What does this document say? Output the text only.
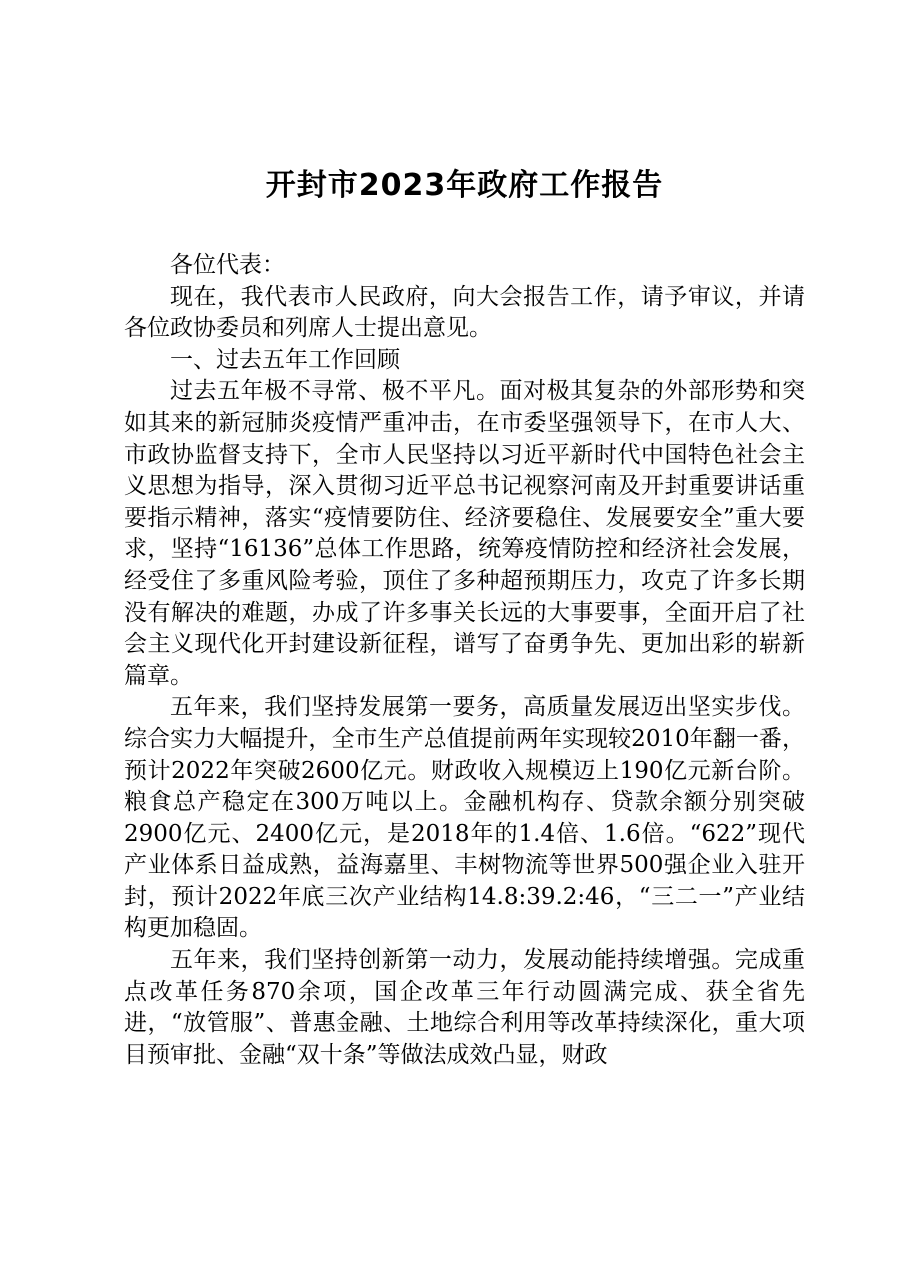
开封市2023年政府工作报告

各位代表：

现在，我代表市人民政府，向大会报告工作，请予审议，并请各位政协委员和列席人士提出意见。

一、过去五年工作回顾

过去五年极不寻常、极不平凡。面对极其复杂的外部形势和突如其来的新冠肺炎疫情严重冲击，在市委坚强领导下，在市人大、市政协监督支持下，全市人民坚持以习近平新时代中国特色社会主义思想为指导，深入贯彻习近平总书记视察河南及开封重要讲话重要指示精神，落实“疫情要防住、经济要稳住、发展要安全”重大要求，坚持“16136”总体工作思路，统筹疫情防控和经济社会发展，经受住了多重风险考验，顶住了多种超预期压力，攻克了许多长期没有解决的难题，办成了许多事关长远的大事要事，全面开启了社会主义现代化开封建设新征程，谱写了奋勇争先、更加出彩的崭新篇章。

五年来，我们坚持发展第一要务，高质量发展迈出坚实步伐。综合实力大幅提升，全市生产总值提前两年实现较2010年翻一番，预计2022年突破2600亿元。财政收入规模迈上190亿元新台阶。粮食总产稳定在300万吨以上。金融机构存、贷款余额分别突破2900亿元、2400亿元，是2018年的1.4倍、1.6倍。“622”现代产业体系日益成熟，益海嘉里、丰树物流等世界500强企业入驻开封，预计2022年底三次产业结构14.8:39.2:46，“三二一”产业结构更加稳固。

五年来，我们坚持创新第一动力，发展动能持续增强。完成重点改革任务870余项，国企改革三年行动圆满完成、获全省先进，“放管服”、普惠金融、土地综合利用等改革持续深化，重大项目预审批、金融“双十条”等做法成效凸显，财政
